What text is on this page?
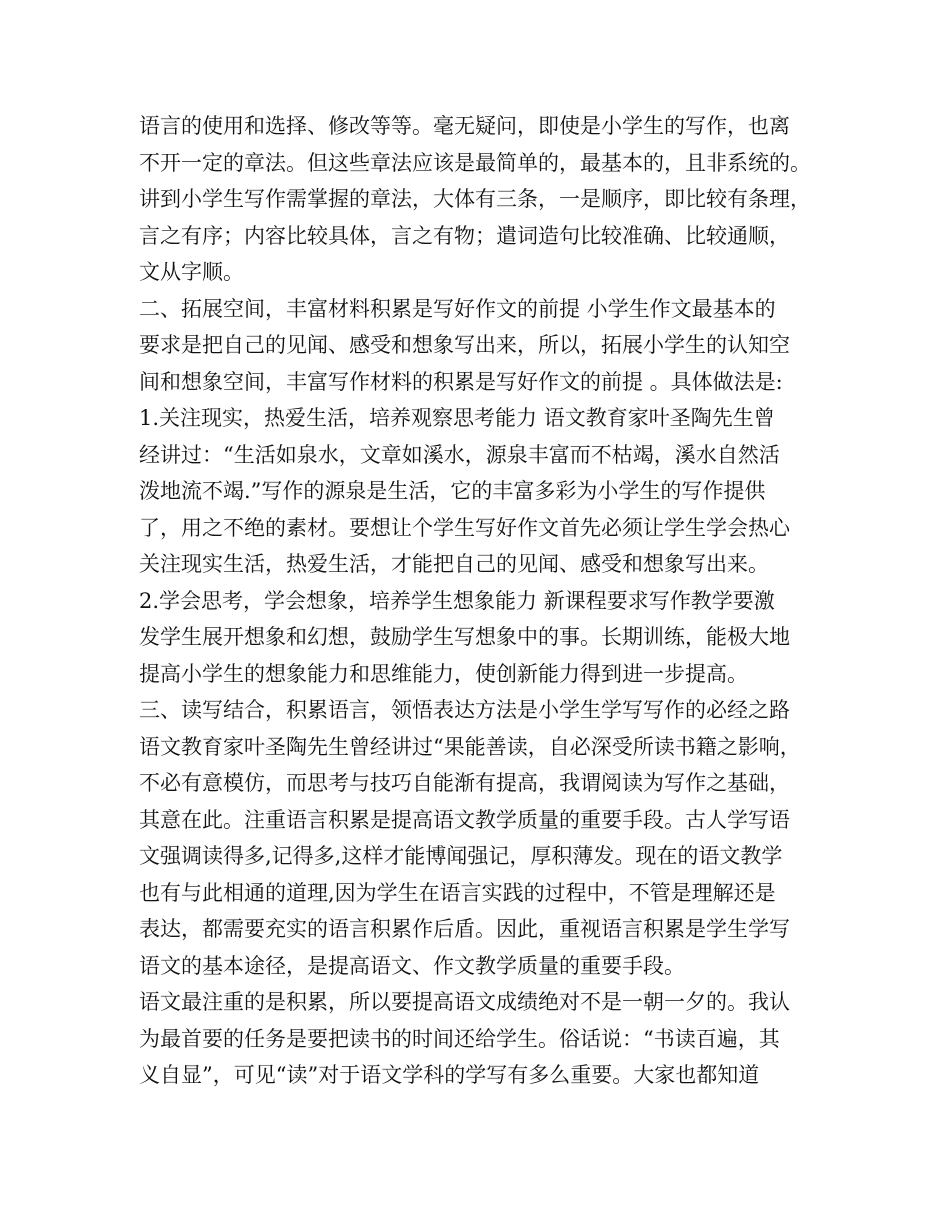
语言的使用和选择、修改等等。毫无疑问，即使是小学生的写作，也离
不开一定的章法。但这些章法应该是最简单的，最基本的，且非系统的。
讲到小学生写作需掌握的章法，大体有三条，一是顺序，即比较有条理，
言之有序；内容比较具体，言之有物；遣词造句比较准确、比较通顺，
文从字顺。
二、拓展空间，丰富材料积累是写好作文的前提 小学生作文最基本的
要求是把自己的见闻、感受和想象写出来，所以，拓展小学生的认知空
间和想象空间，丰富写作材料的积累是写好作文的前提 。具体做法是:
1.关注现实，热爱生活，培养观察思考能力 语文教育家叶圣陶先生曾
经讲过：“生活如泉水，文章如溪水，源泉丰富而不枯竭，溪水自然活
泼地流不竭.”写作的源泉是生活，它的丰富多彩为小学生的写作提供
了，用之不绝的素材。要想让个学生写好作文首先必须让学生学会热心
关注现实生活，热爱生活，才能把自己的见闻、感受和想象写出来。
2.学会思考，学会想象，培养学生想象能力 新课程要求写作教学要激
发学生展开想象和幻想，鼓励学生写想象中的事。长期训练，能极大地
提高小学生的想象能力和思维能力，使创新能力得到进一步提高。
三、读写结合，积累语言，领悟表达方法是小学生学写写作的必经之路
语文教育家叶圣陶先生曾经讲过“果能善读，自必深受所读书籍之影响，
不必有意模仿，而思考与技巧自能渐有提高，我谓阅读为写作之基础，
其意在此。注重语言积累是提高语文教学质量的重要手段。古人学写语
文强调读得多,记得多,这样才能博闻强记，厚积薄发。现在的语文教学
也有与此相通的道理,因为学生在语言实践的过程中，不管是理解还是
表达，都需要充实的语言积累作后盾。因此，重视语言积累是学生学写
语文的基本途径，是提高语文、作文教学质量的重要手段。
语文最注重的是积累，所以要提高语文成绩绝对不是一朝一夕的。我认
为最首要的任务是要把读书的时间还给学生。俗话说：“书读百遍，其
义自显”，可见“读”对于语文学科的学写有多么重要。大家也都知道
